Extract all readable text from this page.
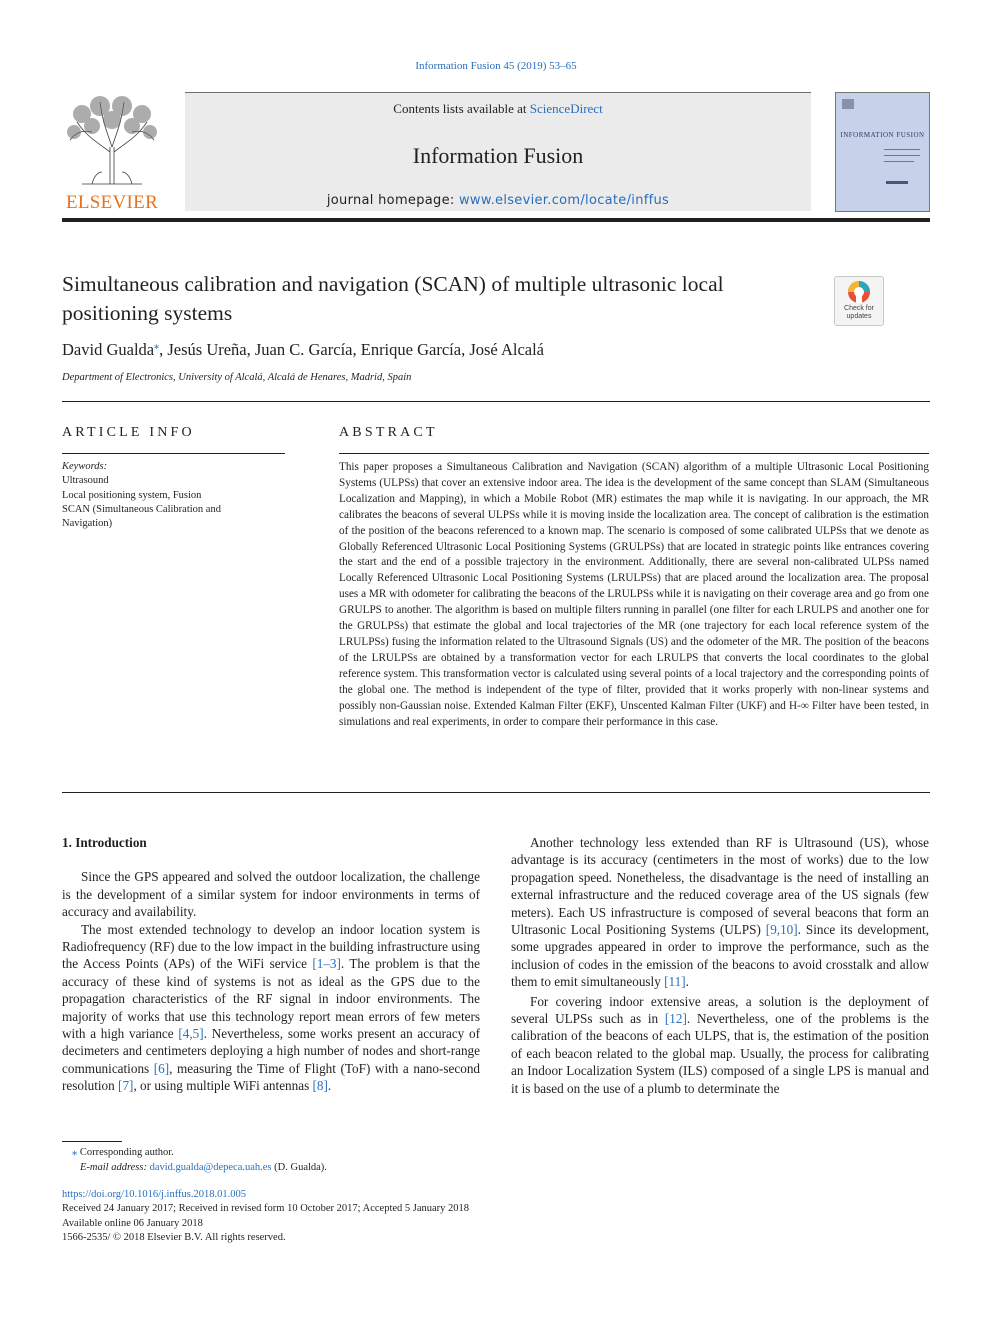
Information Fusion 45 (2019) 53–65
ELSEVIER
Contents lists available at ScienceDirect
Information Fusion
journal homepage: www.elsevier.com/locate/inffus
INFORMATION FUSION
Simultaneous calibration and navigation (SCAN) of multiple ultrasonic local positioning systems	Check for updates
David Gualda⁎, Jesús Ureña, Juan C. García, Enrique García, José Alcalá
Department of Electronics, University of Alcalá, Alcalá de Henares, Madrid, Spain
ARTICLE INFO
Keywords:
Ultrasound
Local positioning system, Fusion
SCAN (Simultaneous Calibration and Navigation)
ABSTRACT
This paper proposes a Simultaneous Calibration and Navigation (SCAN) algorithm of a multiple Ultrasonic Local Positioning Systems (ULPSs) that cover an extensive indoor area. The idea is the development of the same concept than SLAM (Simultaneous Localization and Mapping), in which a Mobile Robot (MR) estimates the map while it is navigating. In our approach, the MR calibrates the beacons of several ULPSs while it is moving inside the localization area. The concept of calibration is the estimation of the position of the beacons referenced to a known map. The scenario is composed of some calibrated ULPSs that we denote as Globally Referenced Ultrasonic Local Positioning Systems (GRULPSs) that are located in strategic points like entrances covering the start and the end of a possible trajectory in the environment. Additionally, there are several non-calibrated ULPSs named Locally Referenced Ultrasonic Local Positioning Systems (LRULPSs) that are placed around the localization area. The proposal uses a MR with odometer for calibrating the beacons of the LRULPSs while it is navigating on their coverage area and go from one GRULPS to another. The algorithm is based on multiple filters running in parallel (one filter for each LRULPS and another one for the GRULPSs) that estimate the global and local trajectories of the MR (one trajectory for each local reference system of the LRULPSs) fusing the information related to the Ultrasound Signals (US) and the odometer of the MR. The position of the beacons of the LRULPSs are obtained by a transformation vector for each LRULPS that converts the local coordinates to the global reference system. This transformation vector is calculated using several points of a local trajectory and the corresponding points of the global one. The method is independent of the type of filter, provided that it works properly with non-linear systems and possibly non-Gaussian noise. Extended Kalman Filter (EKF), Unscented Kalman Filter (UKF) and H-∞ Filter have been tested, in simulations and real experiments, in order to compare their performance in this case.

1. Introduction

Since the GPS appeared and solved the outdoor localization, the challenge is the development of a similar system for indoor environments in terms of accuracy and availability.

The most extended technology to develop an indoor location system is Radiofrequency (RF) due to the low impact in the building infrastructure using the Access Points (APs) of the WiFi service [1–3]. The problem is that the accuracy of these kind of systems is not as ideal as the GPS due to the propagation characteristics of the RF signal in indoor environments. The majority of works that use this technology report mean errors of few meters with a high variance [4,5]. Nevertheless, some works present an accuracy of decimeters and centimeters deploying a high number of nodes and short-range communications [6], measuring the Time of Flight (ToF) with a nano-second resolution [7], or using multiple WiFi antennas [8].

Another technology less extended than RF is Ultrasound (US), whose advantage is its accuracy (centimeters in the most of works) due to the low propagation speed. Nonetheless, the disadvantage is the need of installing an external infrastructure and the reduced coverage area of the US signals (few meters). Each US infrastructure is composed of several beacons that form an Ultrasonic Local Positioning Systems (ULPS) [9,10]. Since its development, some upgrades appeared in order to improve the performance, such as the inclusion of codes in the emission of the beacons to avoid crosstalk and allow them to emit simultaneously [11].

For covering indoor extensive areas, a solution is the deployment of several ULPSs such as in [12]. Nevertheless, one of the problems is the calibration of the beacons of each ULPS, that is, the estimation of the position of each beacon related to the global map. Usually, the process for calibrating an Indoor Localization System (ILS) composed of a single LPS is manual and it is based on the use of a plumb to determinate the

⁎ Corresponding author.
E-mail address: david.gualda@depeca.uah.es (D. Gualda).
https://doi.org/10.1016/j.inffus.2018.01.005
Received 24 January 2017; Received in revised form 10 October 2017; Accepted 5 January 2018
Available online 06 January 2018
1566-2535/ © 2018 Elsevier B.V. All rights reserved.
